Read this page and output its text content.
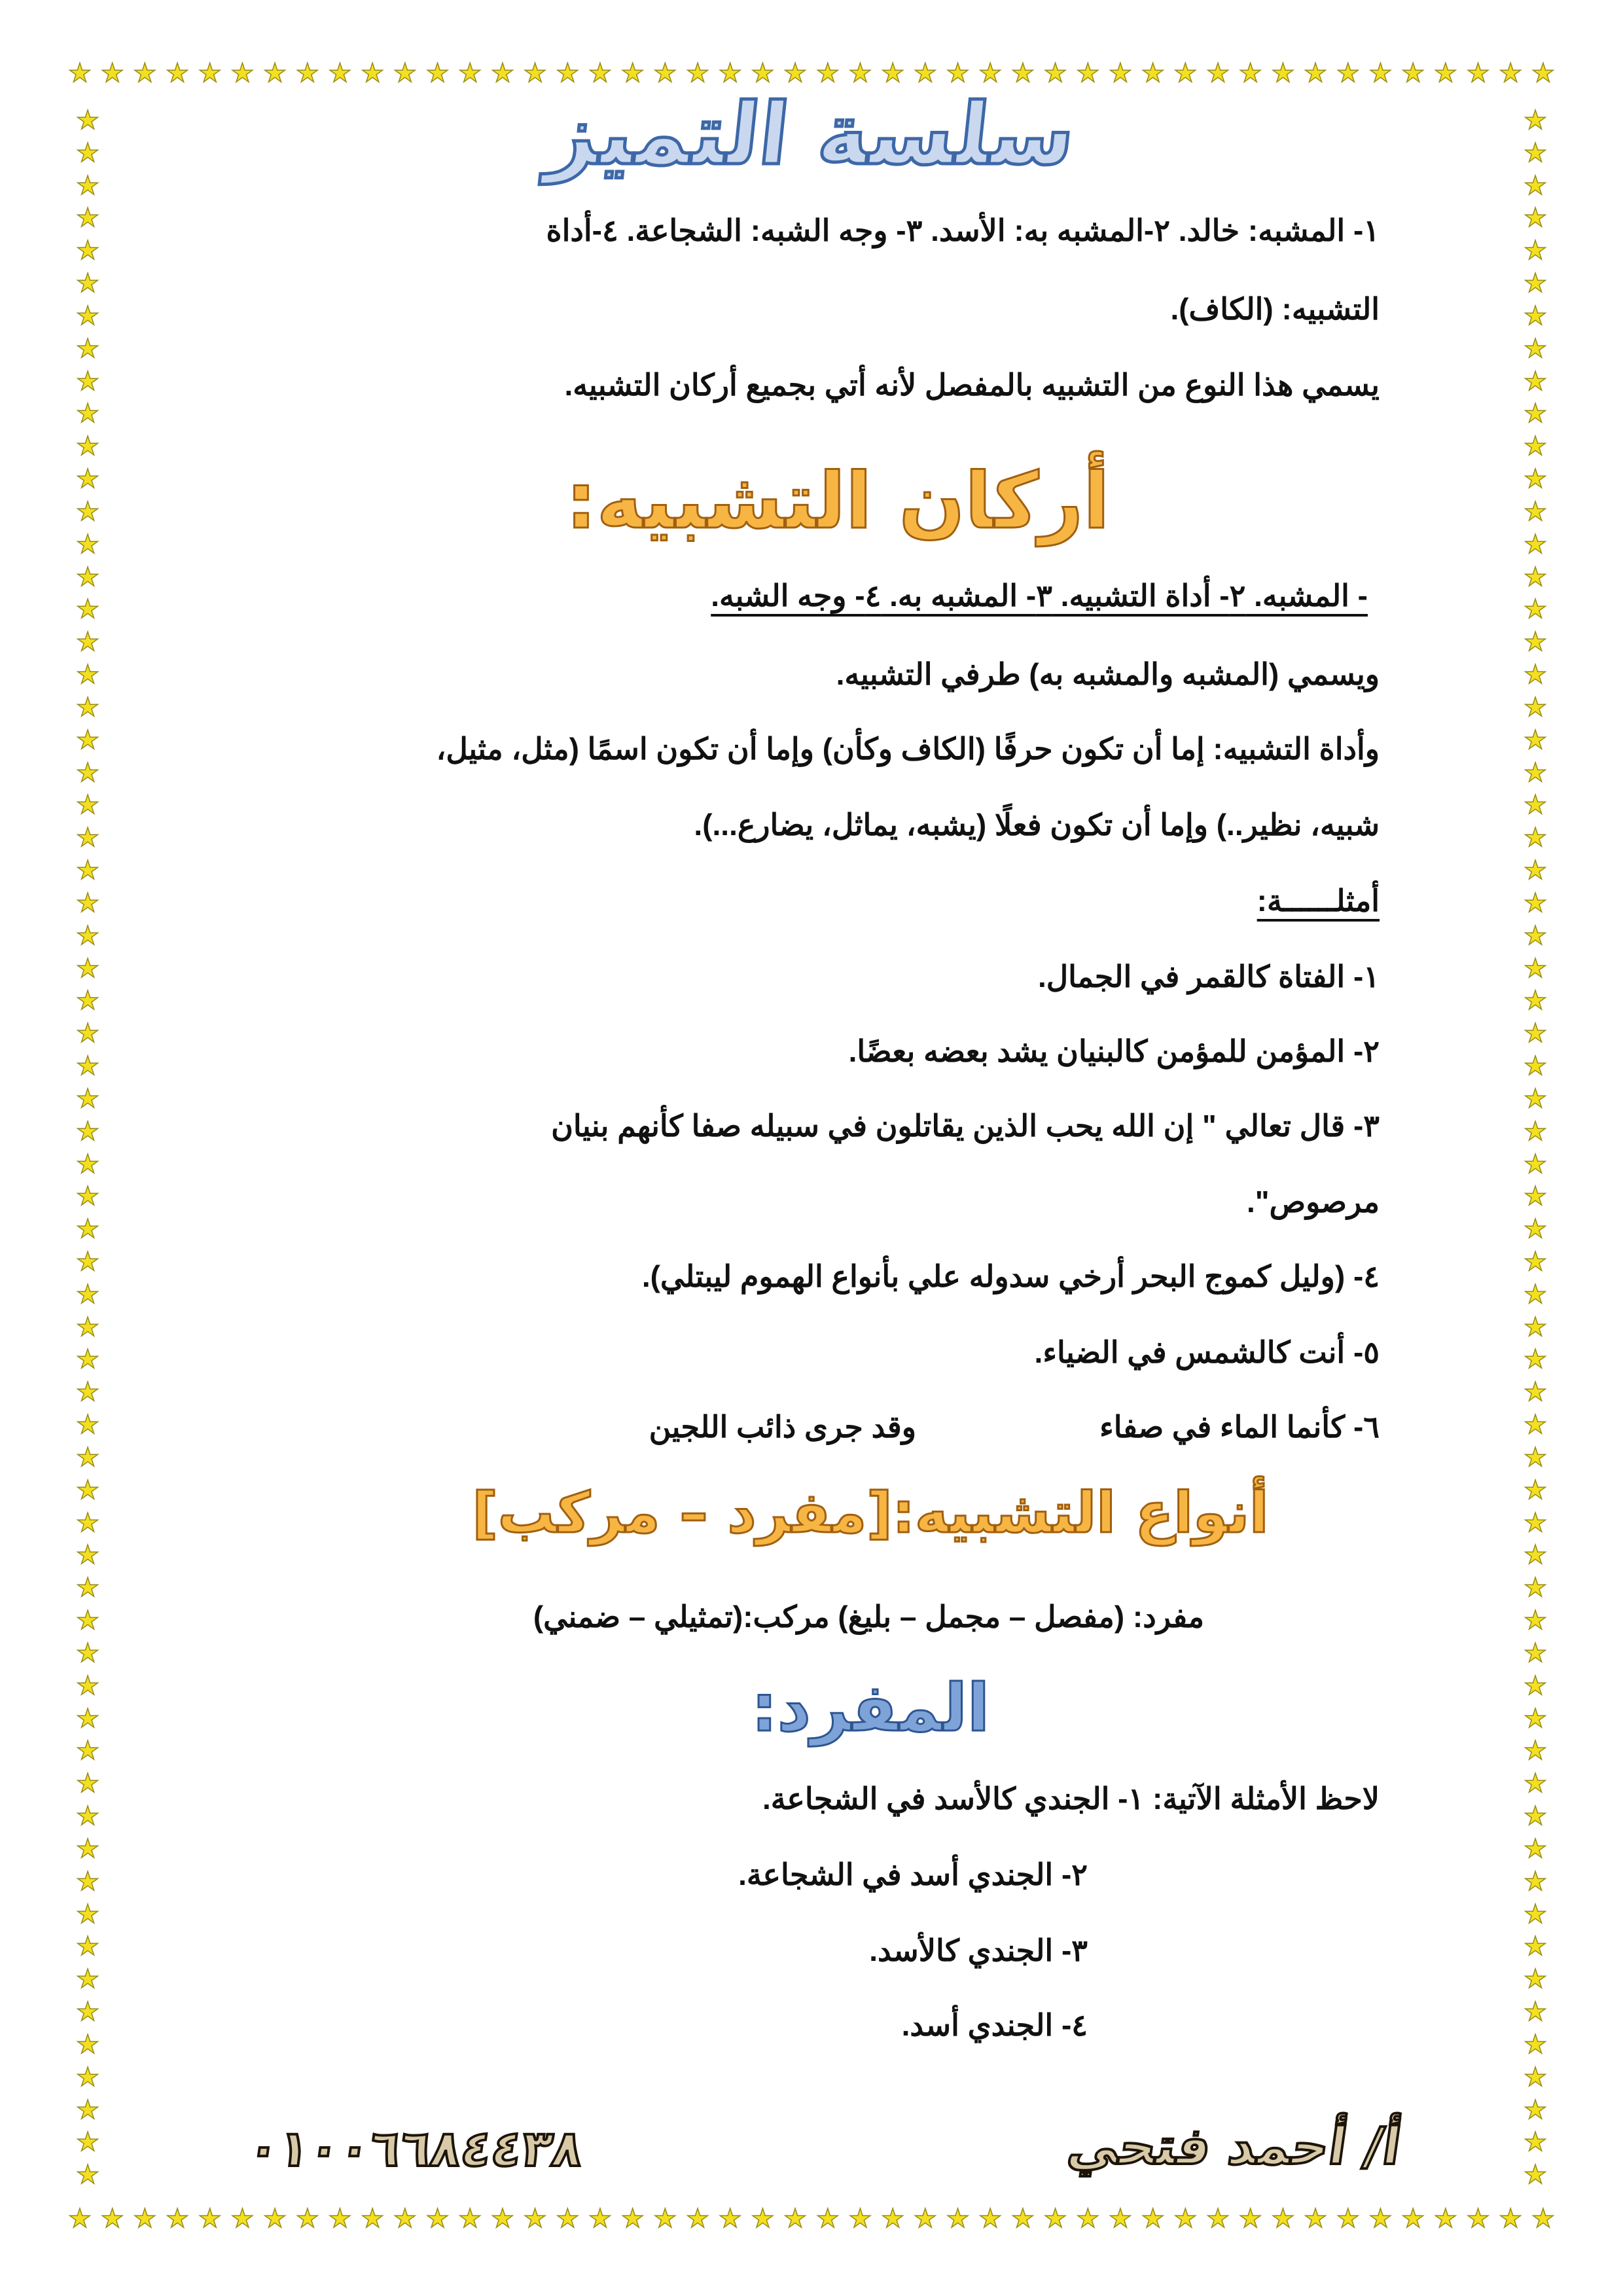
★ ★ ★ ★ ★ ★ ★ ★ ★ ★ ★ ★ ★ ★ ★ ★ ★ ★ ★ ★ ★ ★ ★ ★ ★ ★ ★ ★ ★ ★ ★ ★ ★ ★ ★ ★ ★ ★ ★ ★ ★ ★ ★ ★ ★ ★
★ ★ ★ ★ ★ ★ ★ ★ ★ ★ ★ ★ ★ ★ ★ ★ ★ ★ ★ ★ ★ ★ ★ ★ ★ ★ ★ ★ ★ ★ ★ ★ ★ ★ ★ ★ ★ ★ ★ ★ ★ ★ ★ ★ ★ ★
★
★
★
★
★
★
★
★
★
★
★
★
★
★
★
★
★
★
★
★
★
★
★
★
★
★
★
★
★
★
★
★
★
★
★
★
★
★
★
★
★
★
★
★
★
★
★
★
★
★
★
★
★
★
★
★
★
★
★
★
★
★
★
★
★
★
★
★
★
★
★
★
★
★
★
★
★
★
★
★
★
★
★
★
★
★
★
★
★
★
★
★
★
★
★
★
★
★
★
★
★
★
★
★
★
★
★
★
★
★
★
★
★
★
★
★
★
★
★
★
★
★
★
★
★
★
★
★
سلسة التميز
١- المشبه: خالد. ٢-المشبه به: الأسد. ٣- وجه الشبه: الشجاعة. ٤-أداة
التشبيه: (الكاف).
يسمي هذا النوع من التشبيه بالمفصل لأنه أتي بجميع أركان التشبيه.
أركان التشبيه:
- المشبه. ٢- أداة التشبيه. ٣- المشبه به. ٤- وجه الشبه.
ويسمي (المشبه والمشبه به) طرفي التشبيه.
وأداة التشبيه: إما أن تكون حرفًا (الكاف وكأن) وإما أن تكون اسمًا (مثل، مثيل،
شبيه، نظير..) وإما أن تكون فعلًا (يشبه، يماثل، يضارع...).
أمثلــــــة:
١- الفتاة كالقمر في الجمال.
٢- المؤمن للمؤمن كالبنيان يشد بعضه بعضًا.
٣- قال تعالي " إن الله يحب الذين يقاتلون في سبيله صفا كأنهم بنيان
مرصوص".
٤- (وليل كموج البحر أرخي سدوله علي بأنواع الهموم ليبتلي).
٥- أنت كالشمس في الضياء.
٦- كأنما الماء في صفاء
وقد جرى ذائب اللجين
أنواع التشبيه:[مفرد – مركب]
مفرد: (مفصل – مجمل – بليغ) مركب:(تمثيلي – ضمني)
المفرد:
لاحظ الأمثلة الآتية: ١- الجندي كالأسد في الشجاعة.
٢- الجندي أسد في الشجاعة.
٣- الجندي كالأسد.
٤- الجندي أسد.
أ/ أحمد فتحي
٠١٠٠٦٦٨٤٤٣٨
